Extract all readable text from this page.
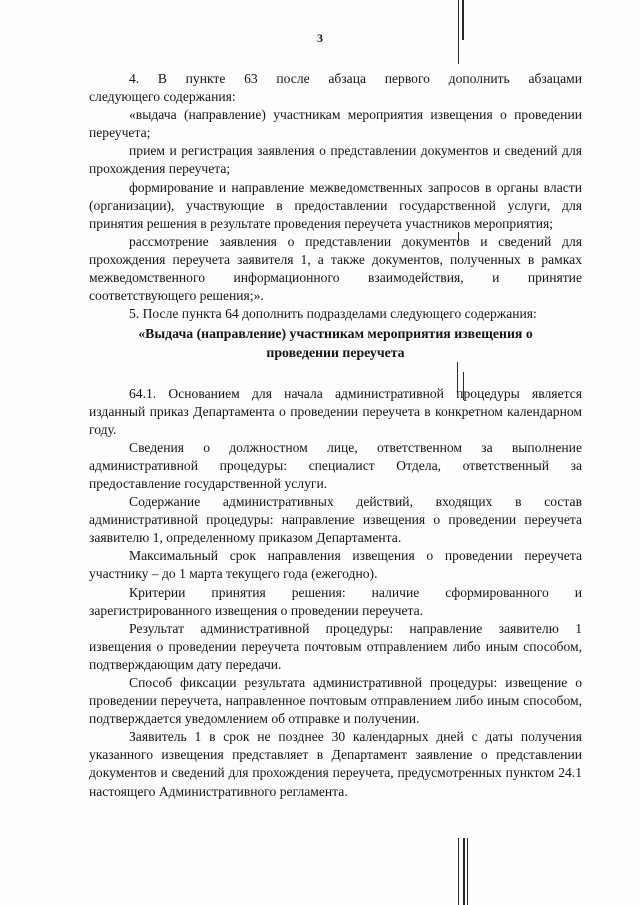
3

4. В пункте 63 после абзаца первого дополнить абзацами

следующего содержания:

«выдача (направление) участникам мероприятия извещения о проведении переучета;

прием и регистрация заявления о представлении документов и сведений для прохождения переучета;

формирование и направление межведомственных запросов в органы власти (организации), участвующие в предоставлении государственной услуги, для принятия решения в результате проведения переучета участников мероприятия;

рассмотрение заявления о представлении документов и сведений для прохождения переучета заявителя 1, а также документов, полученных в рамках межведомственного информационного взаимодействия, и принятие соответствующего решения;».

5. После пункта 64 дополнить подразделами следующего содержания:

«Выдача (направление) участникам мероприятия извещения о
проведении переучета

64.1. Основанием для начала административной процедуры является изданный приказ Департамента о проведении переучета в конкретном календарном году.

Сведения о должностном лице, ответственном за выполнение административной процедуры: специалист Отдела, ответственный за предоставление государственной услуги.

Содержание административных действий, входящих в состав административной процедуры: направление извещения о проведении переучета заявителю 1, определенному приказом Департамента.

Максимальный срок направления извещения о проведении переучета участнику – до 1 марта текущего года (ежегодно).

Критерии принятия решения: наличие сформированного и зарегистрированного извещения о проведении переучета.

Результат административной процедуры: направление заявителю 1 извещения о проведении переучета почтовым отправлением либо иным способом, подтверждающим дату передачи.

Способ фиксации результата административной процедуры: извещение о проведении переучета, направленное почтовым отправлением либо иным способом, подтверждается уведомлением об отправке и получении.

Заявитель 1 в срок не позднее 30 календарных дней с даты получения указанного извещения представляет в Департамент заявление о представлении документов и сведений для прохождения переучета, предусмотренных пунктом 24.1 настоящего Административного регламента.
